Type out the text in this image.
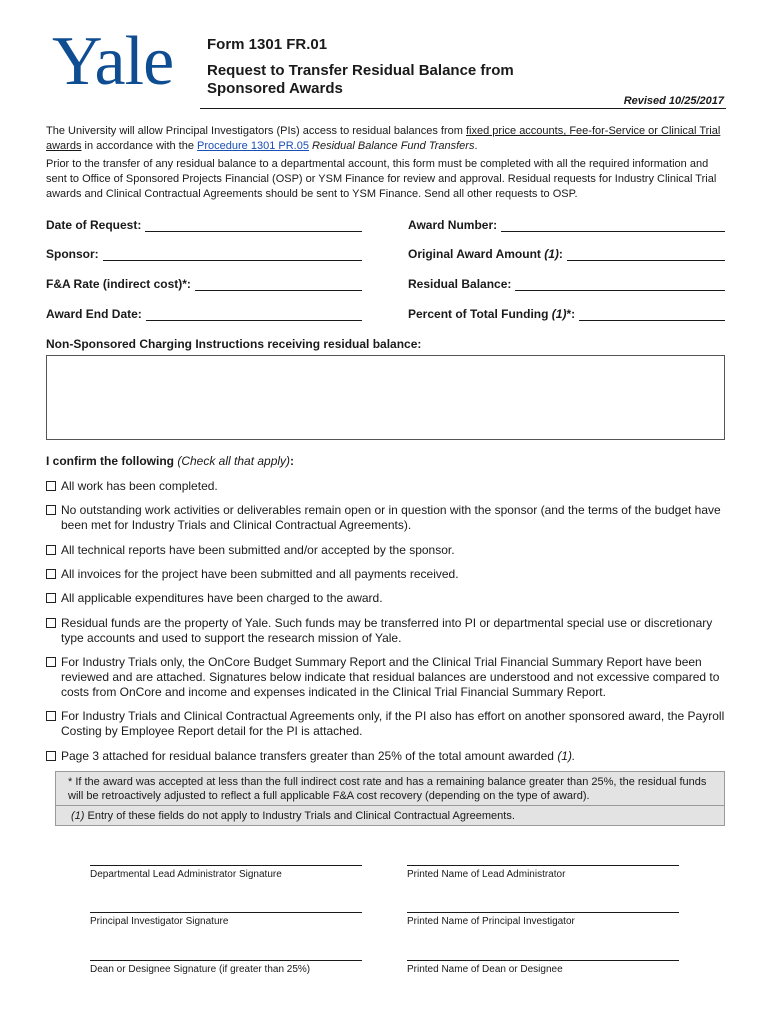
Yale Form 1301 FR.01
Request to Transfer Residual Balance from Sponsored Awards
Revised 10/25/2017
The University will allow Principal Investigators (PIs) access to residual balances from fixed price accounts, Fee-for-Service or Clinical Trial awards in accordance with the Procedure 1301 PR.05 Residual Balance Fund Transfers.
Prior to the transfer of any residual balance to a departmental account, this form must be completed with all the required information and sent to Office of Sponsored Projects Financial (OSP) or YSM Finance for review and approval. Residual requests for Industry Clinical Trial awards and Clinical Contractual Agreements should be sent to YSM Finance. Send all other requests to OSP.
Date of Request:	Award Number:
Sponsor:	Original Award Amount (1):
F&A Rate (indirect cost)*:	Residual Balance:
Award End Date:	Percent of Total Funding (1)*:
Non-Sponsored Charging Instructions receiving residual balance:
I confirm the following (Check all that apply):
All work has been completed.
No outstanding work activities or deliverables remain open or in question with the sponsor (and the terms of the budget have been met for Industry Trials and Clinical Contractual Agreements).
All technical reports have been submitted and/or accepted by the sponsor.
All invoices for the project have been submitted and all payments received.
All applicable expenditures have been charged to the award.
Residual funds are the property of Yale. Such funds may be transferred into PI or departmental special use or discretionary type accounts and used to support the research mission of Yale.
For Industry Trials only, the OnCore Budget Summary Report and the Clinical Trial Financial Summary Report have been reviewed and are attached. Signatures below indicate that residual balances are understood and not excessive compared to costs from OnCore and income and expenses indicated in the Clinical Trial Financial Summary Report.
For Industry Trials and Clinical Contractual Agreements only, if the PI also has effort on another sponsored award, the Payroll Costing by Employee Report detail for the PI is attached.
Page 3 attached for residual balance transfers greater than 25% of the total amount awarded (1).
* If the award was accepted at less than the full indirect cost rate and has a remaining balance greater than 25%, the residual funds will be retroactively adjusted to reflect a full applicable F&A cost recovery (depending on the type of award).
(1) Entry of these fields do not apply to Industry Trials and Clinical Contractual Agreements.
Departmental Lead Administrator Signature	Printed Name of Lead Administrator
Principal Investigator Signature	Printed Name of Principal Investigator
Dean or Designee Signature (if greater than 25%)	Printed Name of Dean or Designee
